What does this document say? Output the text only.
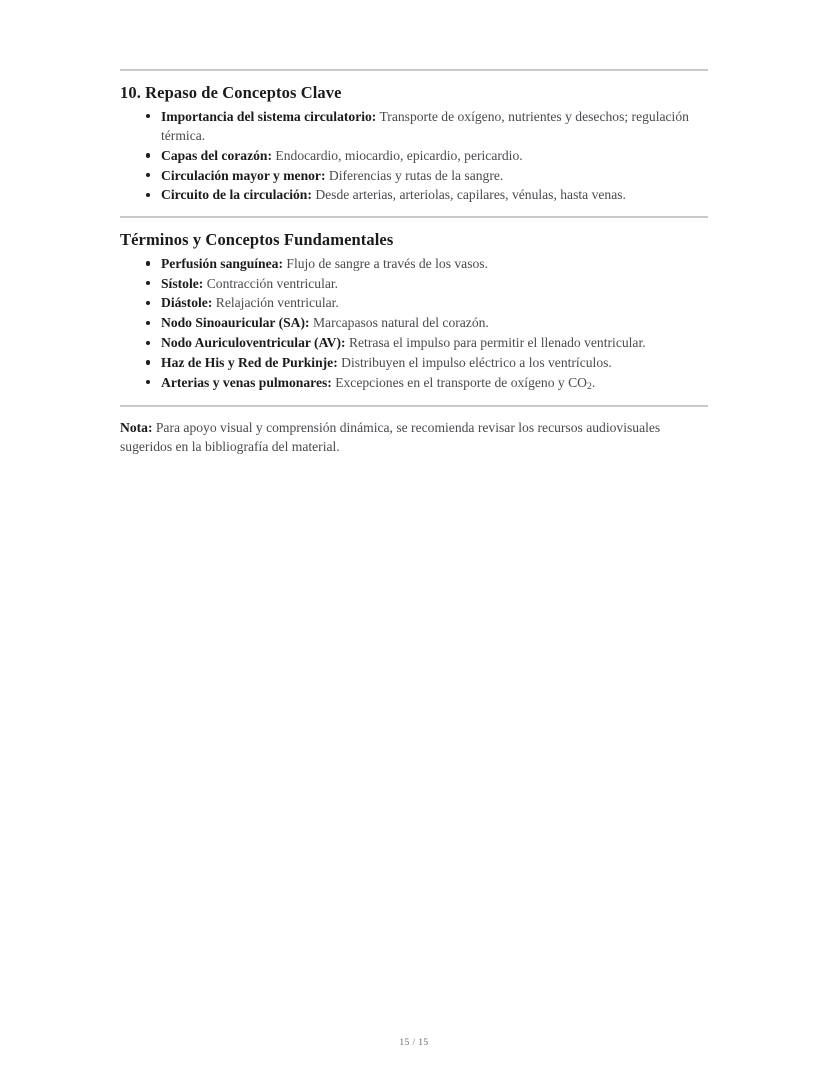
10. Repaso de Conceptos Clave
Importancia del sistema circulatorio: Transporte de oxígeno, nutrientes y desechos; regulación térmica.
Capas del corazón: Endocardio, miocardio, epicardio, pericardio.
Circulación mayor y menor: Diferencias y rutas de la sangre.
Circuito de la circulación: Desde arterias, arteriolas, capilares, vénulas, hasta venas.
Términos y Conceptos Fundamentales
Perfusión sanguínea: Flujo de sangre a través de los vasos.
Sístole: Contracción ventricular.
Diástole: Relajación ventricular.
Nodo Sinoauricular (SA): Marcapasos natural del corazón.
Nodo Auriculoventricular (AV): Retrasa el impulso para permitir el llenado ventricular.
Haz de His y Red de Purkinje: Distribuyen el impulso eléctrico a los ventrículos.
Arterias y venas pulmonares: Excepciones en el transporte de oxígeno y $CO_2$.

Nota: Para apoyo visual y comprensión dinámica, se recomienda revisar los recursos audiovisuales sugeridos en la bibliografía del material.

15 / 15
